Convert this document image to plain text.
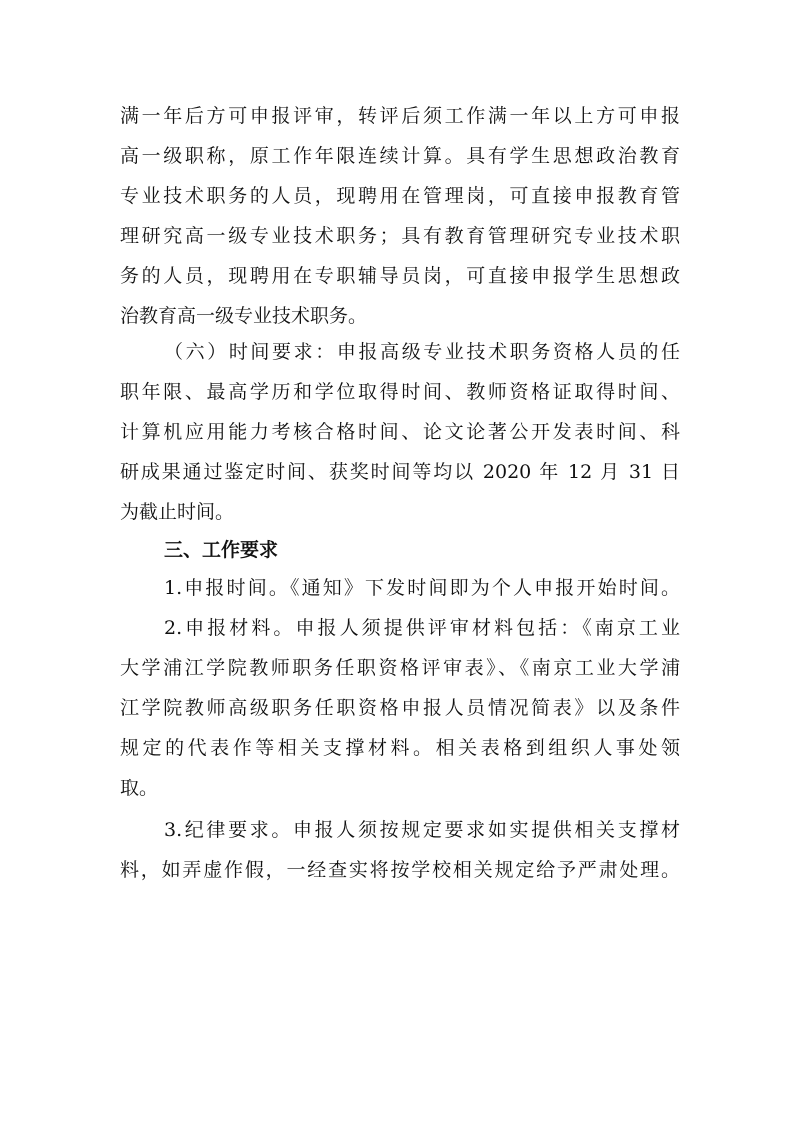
满一年后方可申报评审，转评后须工作满一年以上方可申报
高一级职称，原工作年限连续计算。具有学生思想政治教育
专业技术职务的人员，现聘用在管理岗，可直接申报教育管
理研究高一级专业技术职务；具有教育管理研究专业技术职
务的人员，现聘用在专职辅导员岗，可直接申报学生思想政
治教育高一级专业技术职务。
（六）时间要求：申报高级专业技术职务资格人员的任
职年限、最高学历和学位取得时间、教师资格证取得时间、
计算机应用能力考核合格时间、论文论著公开发表时间、科
研成果通过鉴定时间、获奖时间等均以 2020 年 12 月 31 日
为截止时间。
三、工作要求
1.申报时间。《通知》下发时间即为个人申报开始时间。
2.申报材料。申报人须提供评审材料包括：《南京工业
大学浦江学院教师职务任职资格评审表》、《南京工业大学浦
江学院教师高级职务任职资格申报人员情况简表》以及条件
规定的代表作等相关支撑材料。相关表格到组织人事处领
取。
3.纪律要求。申报人须按规定要求如实提供相关支撑材
料，如弄虚作假，一经查实将按学校相关规定给予严肃处理。
